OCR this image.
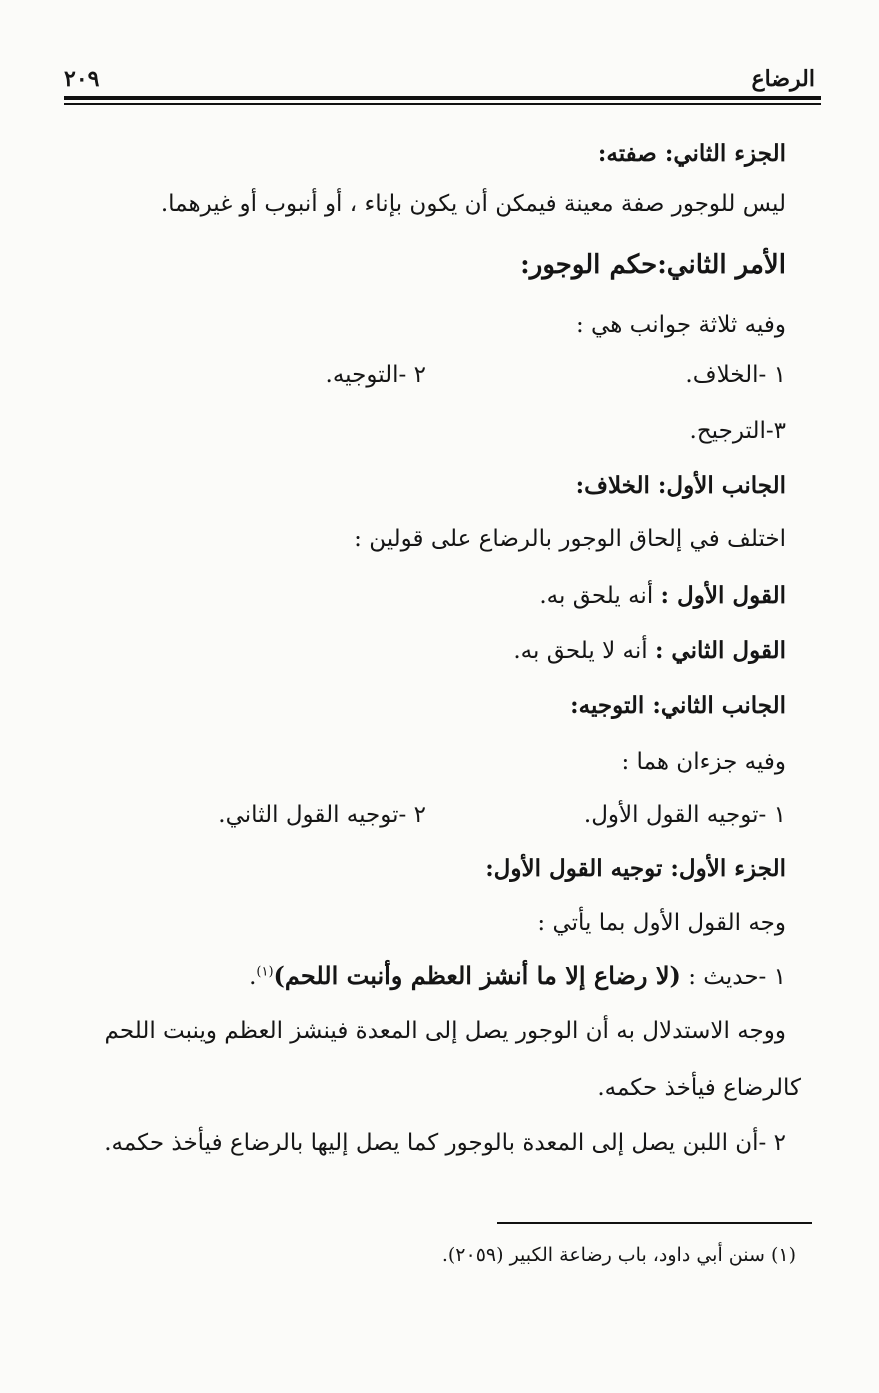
الرضاع
٢٠٩
الجزء الثاني: صفته:
ليس للوجور صفة معينة فيمكن أن يكون بإناء ، أو أنبوب أو غيرهما.
الأمر الثاني:حكم الوجور:
وفيه ثلاثة جوانب هي :
١ -الخلاف.
٢ -التوجيه.
٣-الترجيح.
الجانب الأول: الخلاف:
اختلف في إلحاق الوجور بالرضاع على قولين :
القول الأول : أنه يلحق به.
القول الثاني : أنه لا يلحق به.
الجانب الثاني: التوجيه:
وفيه جزءان هما :
١ -توجيه القول الأول.
٢ -توجيه القول الثاني.
الجزء الأول: توجيه القول الأول:
وجه القول الأول بما يأتي :
١ -حديث : (لا رضاع إلا ما أنشز العظم وأنبت اللحم)$^{(١)}$.
ووجه الاستدلال به أن الوجور يصل إلى المعدة فينشز العظم وينبت اللحم
كالرضاع فيأخذ حكمه.
٢ -أن اللبن يصل إلى المعدة بالوجور كما يصل إليها بالرضاع فيأخذ حكمه.
(١) سنن أبي داود، باب رضاعة الكبير (٢٠٥٩).
